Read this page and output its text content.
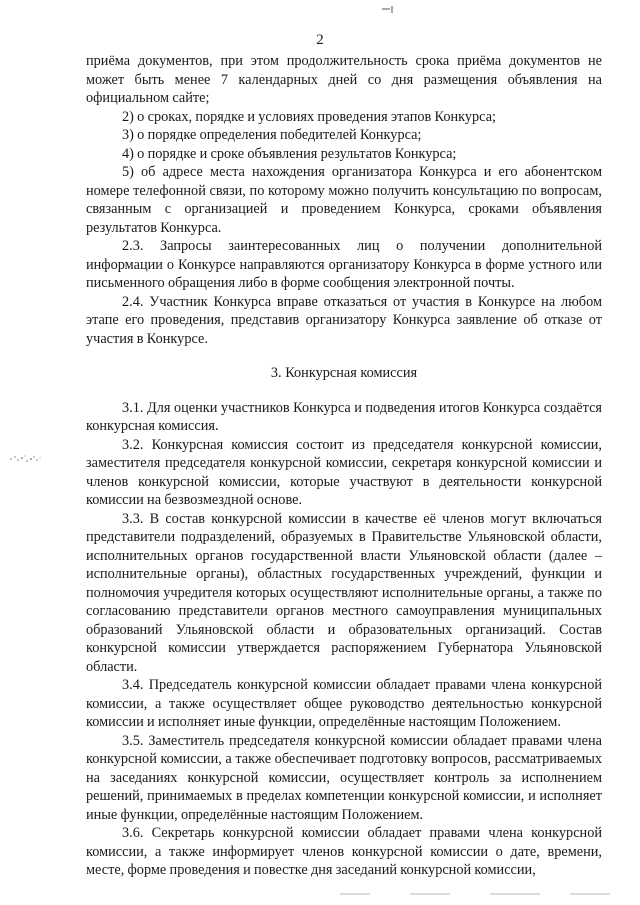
2

приёма документов, при этом продолжительность срока приёма документов не может быть менее 7 календарных дней со дня размещения объявления на официальном сайте;

2) о сроках, порядке и условиях проведения этапов Конкурса;

3) о порядке определения победителей Конкурса;

4) о порядке и сроке объявления результатов Конкурса;

5) об адресе места нахождения организатора Конкурса и его абонентском номере телефонной связи, по которому можно получить консультацию по вопросам, связанным с организацией и проведением Конкурса, сроками объявления результатов Конкурса.

2.3. Запросы заинтересованных лиц о получении дополнительной информации о Конкурсе направляются организатору Конкурса в форме устного или письменного обращения либо в форме сообщения электронной почты.

2.4. Участник Конкурса вправе отказаться от участия в Конкурсе на любом этапе его проведения, представив организатору Конкурса заявление об отказе от участия в Конкурсе.

3. Конкурсная комиссия

3.1. Для оценки участников Конкурса и подведения итогов Конкурса создаётся конкурсная комиссия.

3.2. Конкурсная комиссия состоит из председателя конкурсной комиссии, заместителя председателя конкурсной комиссии, секретаря конкурсной комиссии и членов конкурсной комиссии, которые участвуют в деятельности конкурсной комиссии на безвозмездной основе.

3.3. В состав конкурсной комиссии в качестве её членов могут включаться представители подразделений, образуемых в Правительстве Ульяновской области, исполнительных органов государственной власти Ульяновской области (далее – исполнительные органы), областных государственных учреждений, функции и полномочия учредителя которых осуществляют исполнительные органы, а также по согласованию представители органов местного самоуправления муниципальных образований Ульяновской области и образовательных организаций. Состав конкурсной комиссии утверждается распоряжением Губернатора Ульяновской области.

3.4. Председатель конкурсной комиссии обладает правами члена конкурсной комиссии, а также осуществляет общее руководство деятельностью конкурсной комиссии и исполняет иные функции, определённые настоящим Положением.

3.5. Заместитель председателя конкурсной комиссии обладает правами члена конкурсной комиссии, а также обеспечивает подготовку вопросов, рассматриваемых на заседаниях конкурсной комиссии, осуществляет контроль за исполнением решений, принимаемых в пределах компетенции конкурсной комиссии, и исполняет иные функции, определённые настоящим Положением.

3.6. Секретарь конкурсной комиссии обладает правами члена конкурсной комиссии, а также информирует членов конкурсной комиссии о дате, времени, месте, форме проведения и повестке дня заседаний конкурсной комиссии,
